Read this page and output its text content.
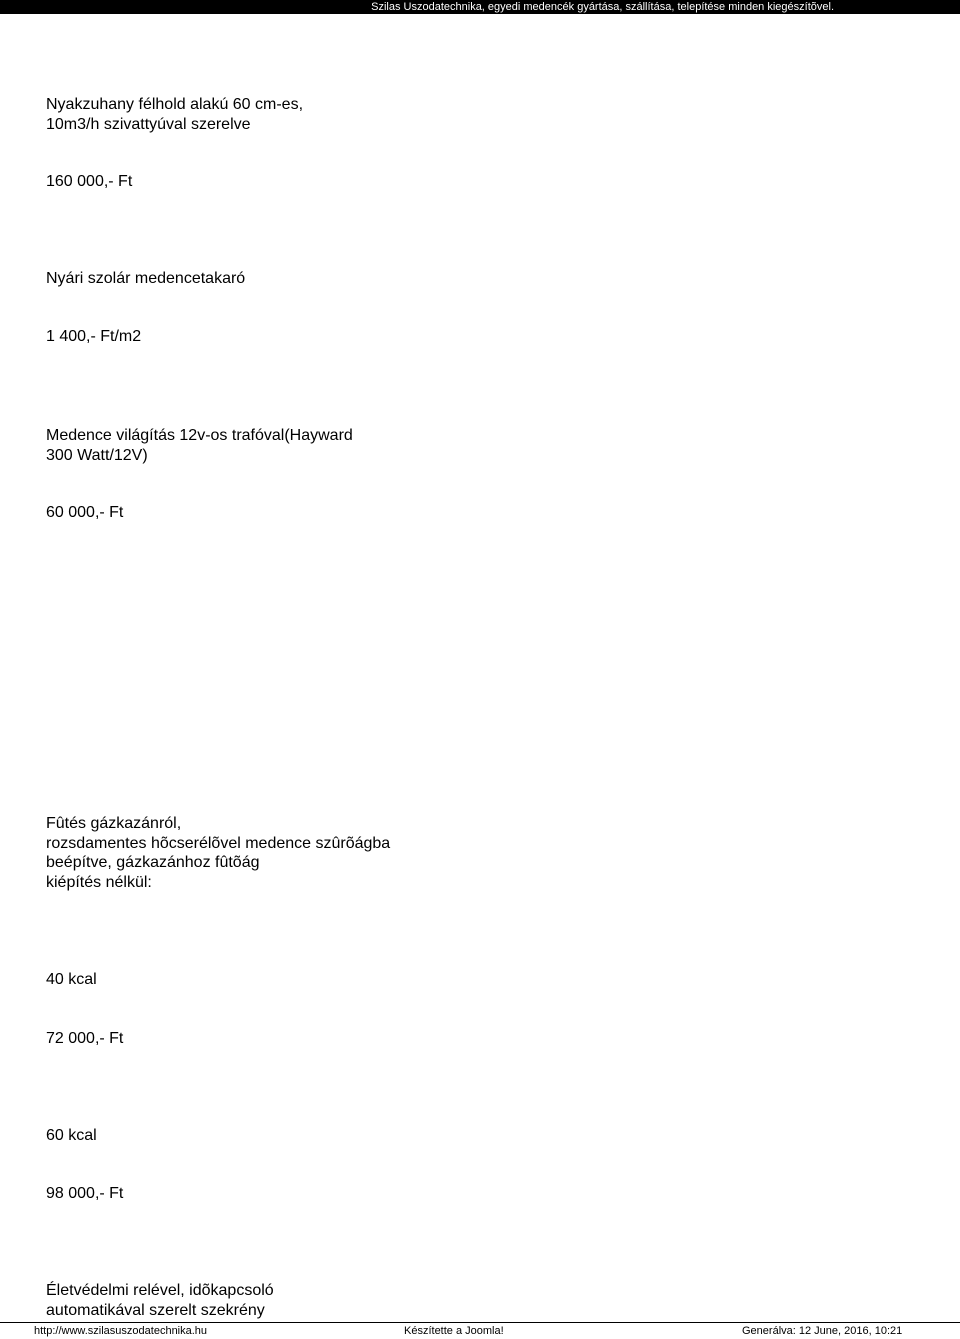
Szilas Uszodatechnika, egyedi medencék gyártása, szállítása, telepítése minden kiegészítõvel.
Nyakzuhany félhold alakú 60 cm-es,
10m3/h szivattyúval szerelve
160 000,- Ft
Nyári szolár medencetakaró
1 400,- Ft/m2
Medence világítás 12v-os trafóval(Hayward
300 Watt/12V)
60 000,- Ft
Fûtés gázkazánról,
rozsdamentes hõcserélõvel medence szûrõágba
beépítve, gázkazánhoz fûtõág
kiépítés nélkül:
40 kcal
72 000,- Ft
60 kcal
98 000,- Ft
Életvédelmi relével, idõkapcsoló
automatikával szerelt szekrény
http://www.szilasuszodatechnika.hu	Készítette a Joomla!	Generálva: 12 June, 2016, 10:21
